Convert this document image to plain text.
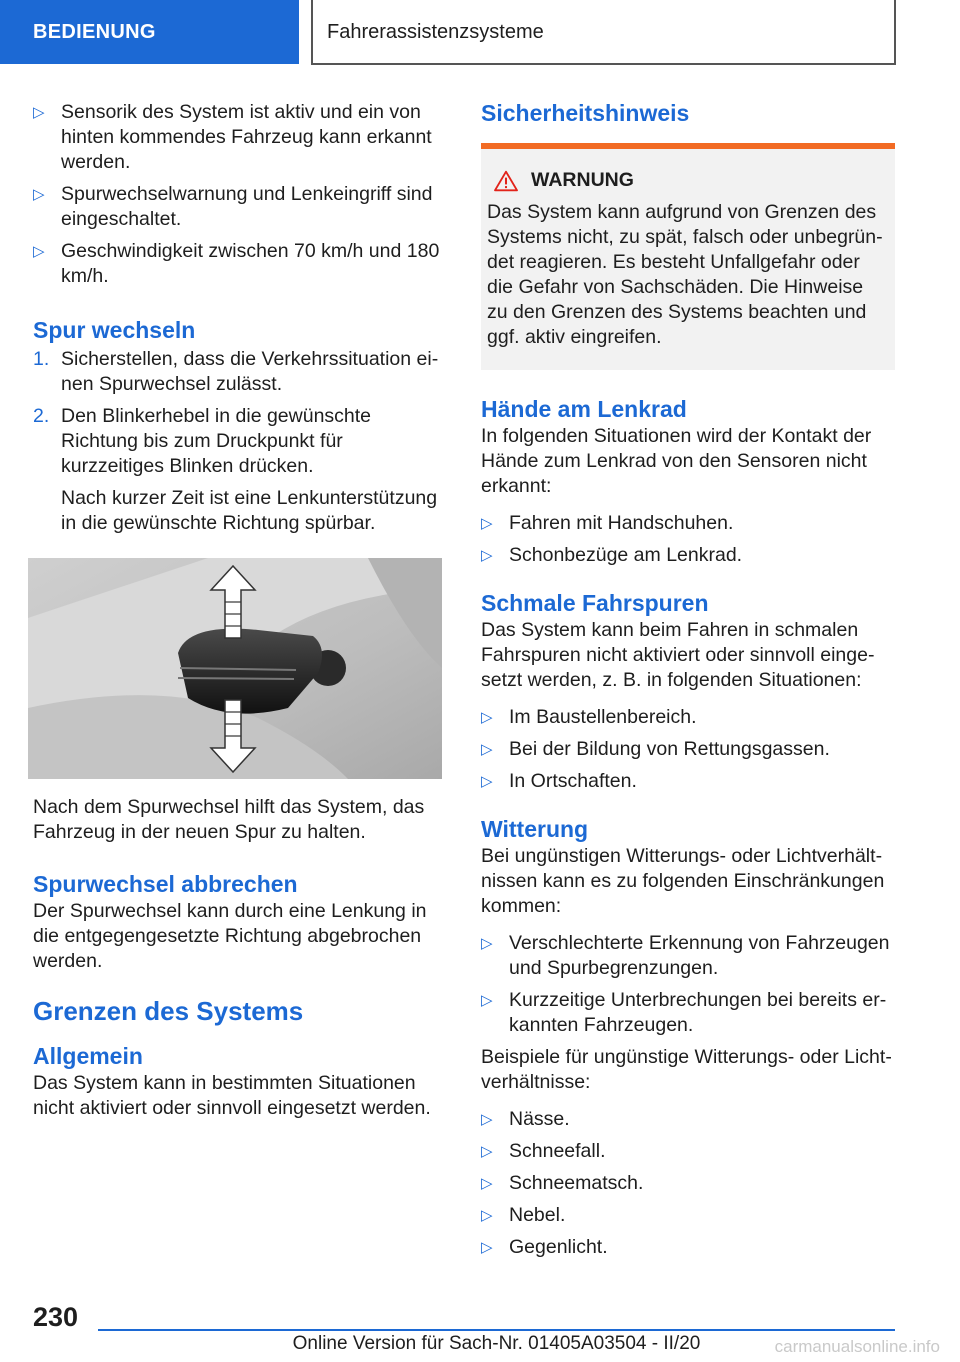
BEDIENUNG	Fahrerassistenzsysteme
▷ Sensorik des System ist aktiv und ein von hinten kommendes Fahrzeug kann erkannt werden.
▷ Spurwechselwarnung und Lenkeingriff sind eingeschaltet.
▷ Geschwindigkeit zwischen 70 km/h und 180 km/h.
Spur wechseln
1. Sicherstellen, dass die Verkehrssituation einen Spurwechsel zulässt.
2. Den Blinkerhebel in die gewünschte Richtung bis zum Druckpunkt für kurzzeitiges Blinken drücken.

Nach kurzer Zeit ist eine Lenkunterstützung in die gewünschte Richtung spürbar.

Nach dem Spurwechsel hilft das System, das Fahrzeug in der neuen Spur zu halten.

Spurwechsel abbrechen

Der Spurwechsel kann durch eine Lenkung in die entgegengesetzte Richtung abgebrochen werden.

Grenzen des Systems
Allgemein

Das System kann in bestimmten Situationen nicht aktiviert oder sinnvoll eingesetzt werden.

Sicherheitshinweis
WARNUNG

Das System kann aufgrund von Grenzen des Systems nicht, zu spät, falsch oder unbegründet reagieren. Es besteht Unfallgefahr oder die Gefahr von Sachschäden. Die Hinweise zu den Grenzen des Systems beachten und ggf. aktiv eingreifen.

Hände am Lenkrad

In folgenden Situationen wird der Kontakt der Hände zum Lenkrad von den Sensoren nicht erkannt:

▷ Fahren mit Handschuhen.
▷ Schonbezüge am Lenkrad.
Schmale Fahrspuren

Das System kann beim Fahren in schmalen Fahrspuren nicht aktiviert oder sinnvoll eingesetzt werden, z. B. in folgenden Situationen:

▷ Im Baustellenbereich.
▷ Bei der Bildung von Rettungsgassen.
▷ In Ortschaften.
Witterung

Bei ungünstigen Witterungs- oder Lichtverhältnissen kann es zu folgenden Einschränkungen kommen:

▷ Verschlechterte Erkennung von Fahrzeugen und Spurbegrenzungen.
▷ Kurzzeitige Unterbrechungen bei bereits erkannten Fahrzeugen.

Beispiele für ungünstige Witterungs- oder Lichtverhältnisse:

▷ Nässe.
▷ Schneefall.
▷ Schneematsch.
▷ Nebel.
▷ Gegenlicht.
230
Online Version für Sach-Nr. 01405A03504 - II/20	carmanualsonline.info
